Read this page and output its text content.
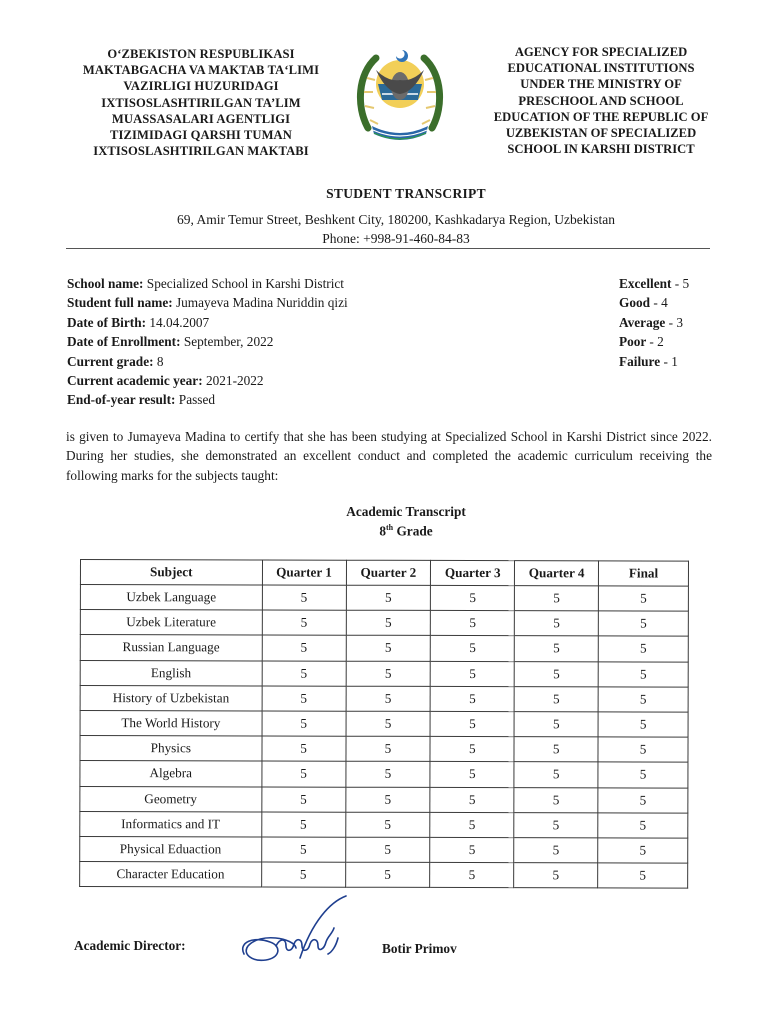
O‘ZBEKISTON RESPUBLIKASI
MAKTABGACHA VA MAKTAB TA‘LIMI
VAZIRLIGI HUZURIDAGI
IXTISOSLASHTIRILGAN TA’LIM
MUASSASALARI AGENTLIGI
TIZIMIDAGI QARSHI TUMAN
IXTISOSLASHTIRILGAN MAKTABI
AGENCY FOR SPECIALIZED
EDUCATIONAL INSTITUTIONS
UNDER THE MINISTRY OF
PRESCHOOL AND SCHOOL
EDUCATION OF THE REPUBLIC OF
UZBEKISTAN OF SPECIALIZED
SCHOOL IN KARSHI DISTRICT
STUDENT TRANSCRIPT
69, Amir Temur Street, Beshkent City, 180200, Kashkadarya Region, Uzbekistan
Phone: +998-91-460-84-83
School name: Specialized School in Karshi District
Student full name: Jumayeva Madina Nuriddin qizi
Date of Birth: 14.04.2007
Date of Enrollment: September, 2022
Current grade: 8
Current academic year: 2021-2022
End-of-year result: Passed
Excellent - 5
Good - 4
Average - 3
Poor - 2
Failure - 1
is given to Jumayeva Madina to certify that she has been studying at Specialized School in Karshi District since 2022. During her studies, she demonstrated an excellent conduct and completed the academic curriculum receiving the following marks for the subjects taught:
Academic Transcript
8th Grade
Subject	Quarter 1	Quarter 2	Quarter 3	Quarter 4	Final
Uzbek Language	5	5	5	5	5
Uzbek Literature	5	5	5	5	5
Russian Language	5	5	5	5	5
English	5	5	5	5	5
History of Uzbekistan	5	5	5	5	5
The World History	5	5	5	5	5
Physics	5	5	5	5	5
Algebra	5	5	5	5	5
Geometry	5	5	5	5	5
Informatics and IT	5	5	5	5	5
Physical Eduaction	5	5	5	5	5
Character Education	5	5	5	5	5
Academic Director:	Botir Primov
